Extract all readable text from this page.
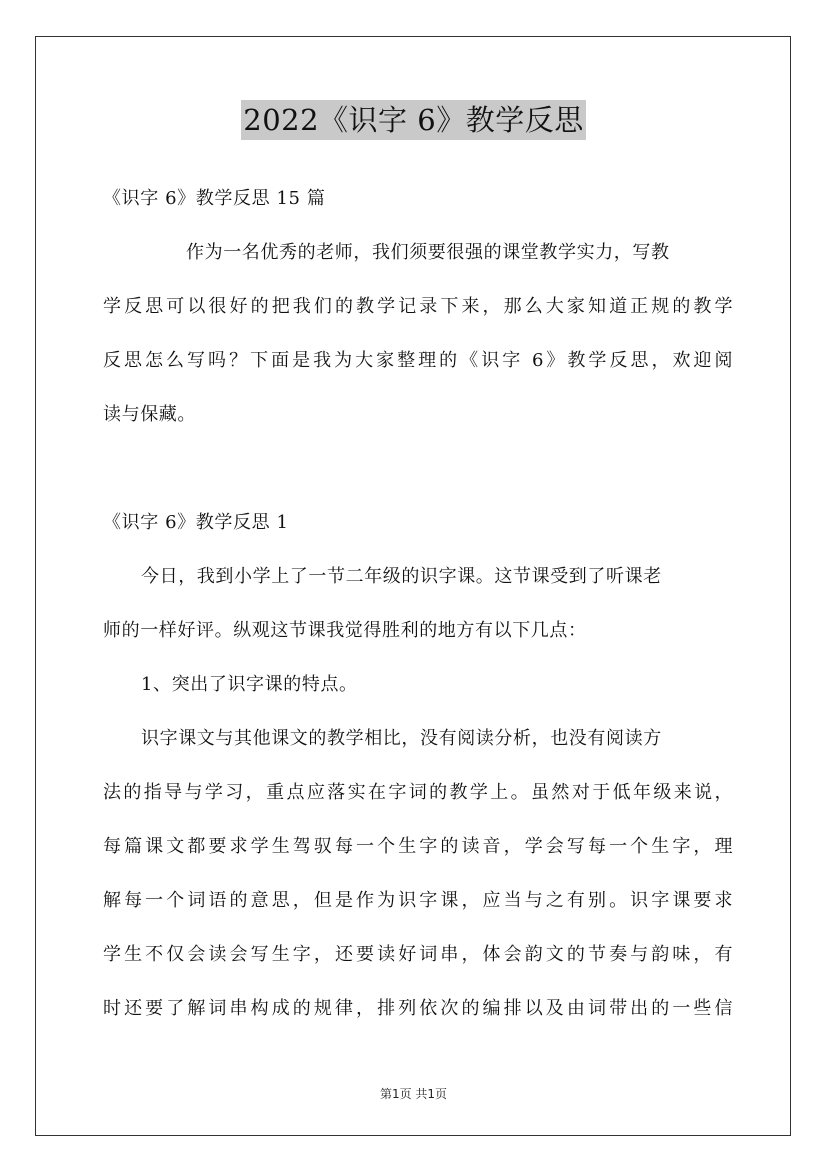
2022《识字 6》教学反思
《识字 6》教学反思 15 篇
作为一名优秀的老师，我们须要很强的课堂教学实力，写教
学反思可以很好的把我们的教学记录下来，那么大家知道正规的教学
反思怎么写吗？下面是我为大家整理的《识字 6》教学反思，欢迎阅
读与保藏。
《识字 6》教学反思 1
今日，我到小学上了一节二年级的识字课。这节课受到了听课老
师的一样好评。纵观这节课我觉得胜利的地方有以下几点：
1、突出了识字课的特点。
识字课文与其他课文的教学相比，没有阅读分析，也没有阅读方
法的指导与学习，重点应落实在字词的教学上。虽然对于低年级来说，
每篇课文都要求学生驾驭每一个生字的读音，学会写每一个生字，理
解每一个词语的意思，但是作为识字课，应当与之有别。识字课要求
学生不仅会读会写生字，还要读好词串，体会韵文的节奏与韵味，有
时还要了解词串构成的规律，排列依次的编排以及由词带出的一些信
第1页 共1页
